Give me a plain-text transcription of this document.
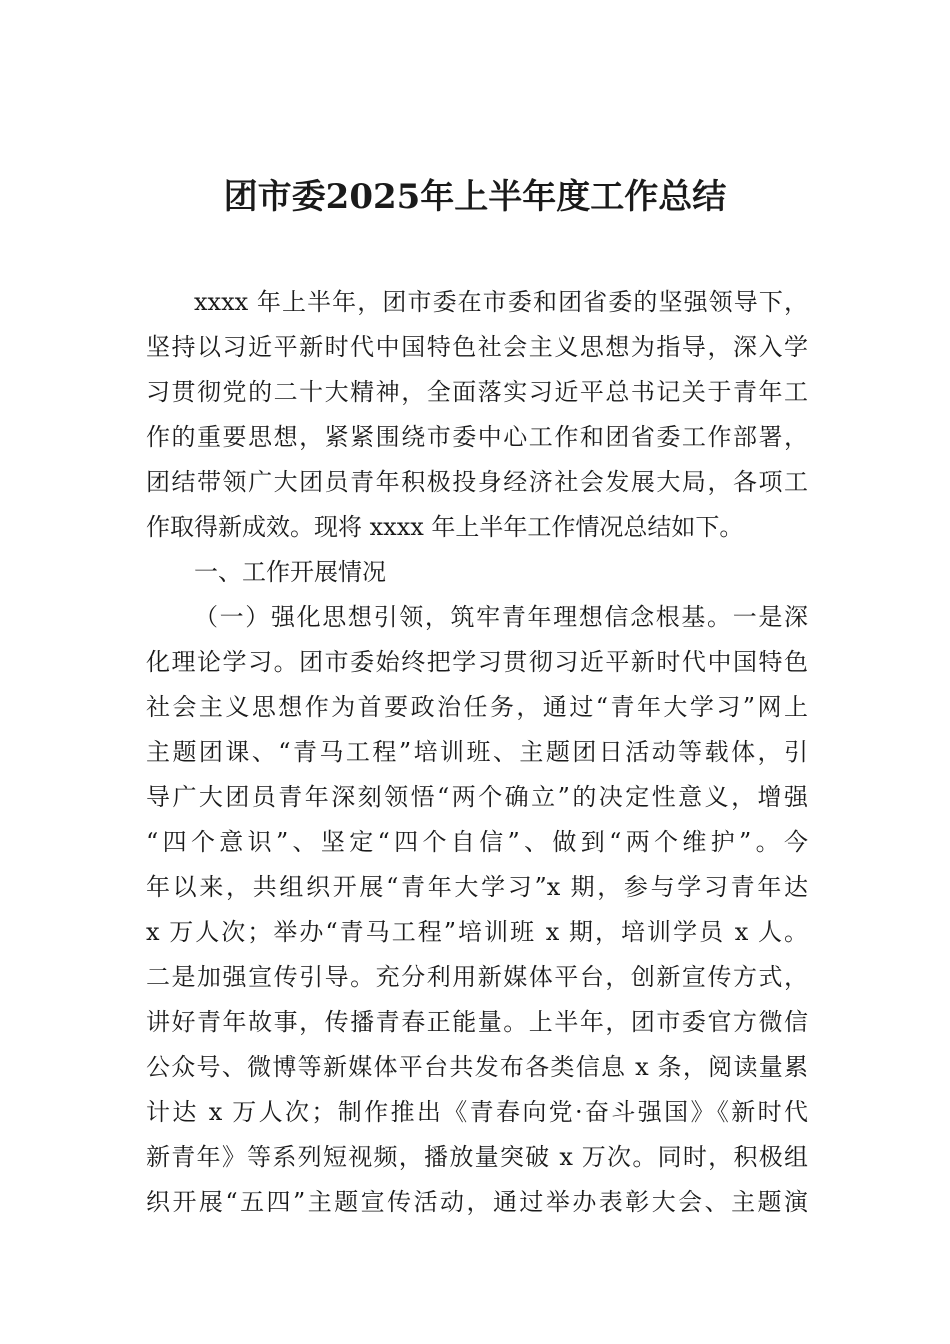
团市委2025年上半年度工作总结
xxxx 年上半年，团市委在市委和团省委的坚强领导下，
坚持以习近平新时代中国特色社会主义思想为指导，深入学
习贯彻党的二十大精神，全面落实习近平总书记关于青年工
作的重要思想，紧紧围绕市委中心工作和团省委工作部署，
团结带领广大团员青年积极投身经济社会发展大局，各项工
作取得新成效。现将 xxxx 年上半年工作情况总结如下。
一、工作开展情况
（一）强化思想引领，筑牢青年理想信念根基。一是深
化理论学习。团市委始终把学习贯彻习近平新时代中国特色
社会主义思想作为首要政治任务，通过“青年大学习”网上
主题团课、“青马工程”培训班、主题团日活动等载体，引
导广大团员青年深刻领悟“两个确立”的决定性意义，增强
“四个意识”、坚定“四个自信”、做到“两个维护”。今
年以来，共组织开展“青年大学习”x 期，参与学习青年达
x 万人次；举办“青马工程”培训班 x 期，培训学员 x 人。
二是加强宣传引导。充分利用新媒体平台，创新宣传方式，
讲好青年故事，传播青春正能量。上半年，团市委官方微信
公众号、微博等新媒体平台共发布各类信息 x 条，阅读量累
计达 x 万人次；制作推出《青春向党·奋斗强国》《新时代
新青年》等系列短视频，播放量突破 x 万次。同时，积极组
织开展“五四”主题宣传活动，通过举办表彰大会、主题演
